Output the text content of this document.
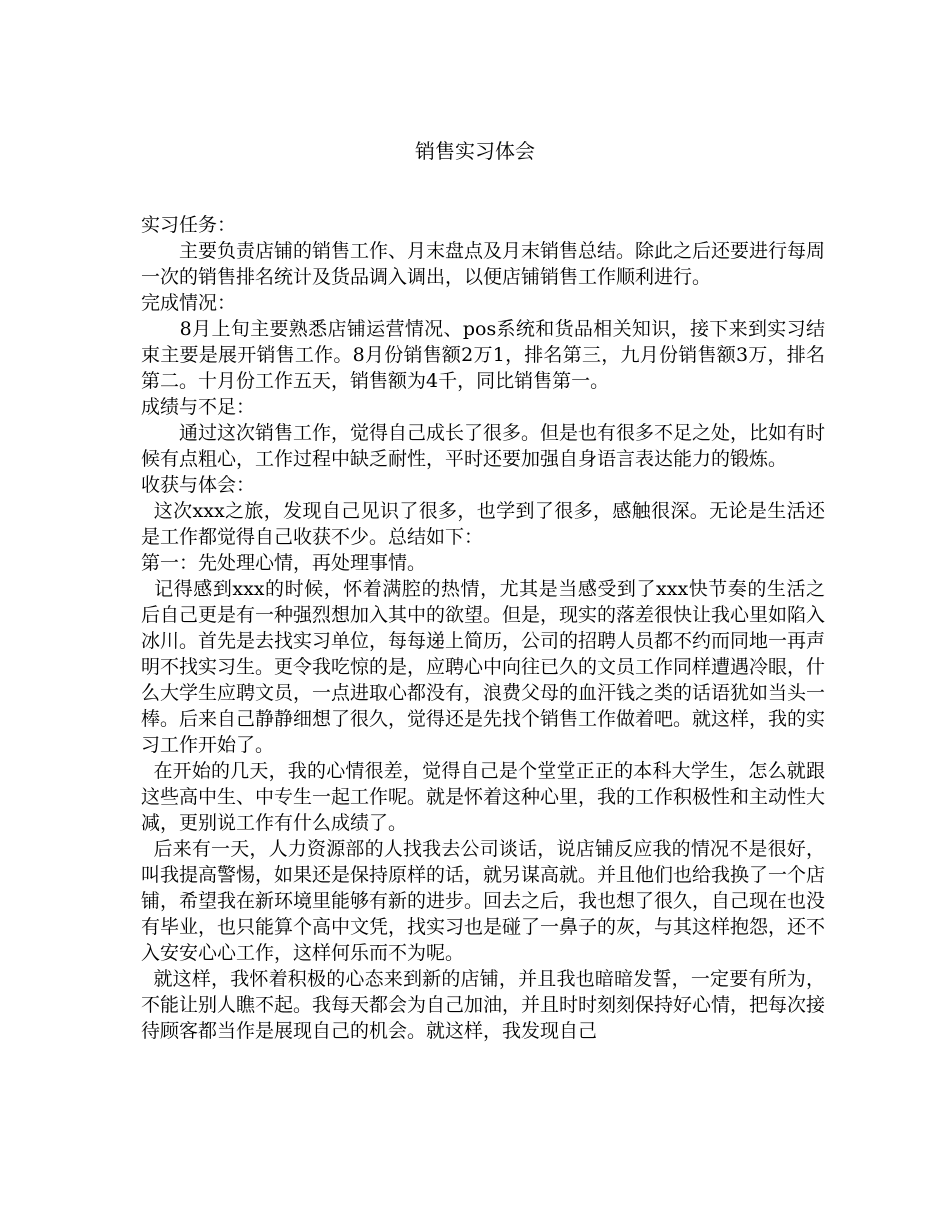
销售实习体会

实习任务：

　　主要负责店铺的销售工作、月末盘点及月末销售总结。除此之后还要进行每周一次的销售排名统计及货品调入调出，以便店铺销售工作顺利进行。

完成情况：

　　8月上旬主要熟悉店铺运营情况、pos系统和货品相关知识，接下来到实习结束主要是展开销售工作。8月份销售额2万1，排名第三，九月份销售额3万，排名第二。十月份工作五天，销售额为4千，同比销售第一。

成绩与不足：

　　通过这次销售工作，觉得自己成长了很多。但是也有很多不足之处，比如有时候有点粗心，工作过程中缺乏耐性，平时还要加强自身语言表达能力的锻炼。

收获与体会：

这次xxx之旅，发现自己见识了很多，也学到了很多，感触很深。无论是生活还是工作都觉得自己收获不少。总结如下：

第一：先处理心情，再处理事情。

记得感到xxx的时候，怀着满腔的热情，尤其是当感受到了xxx快节奏的生活之后自己更是有一种强烈想加入其中的欲望。但是，现实的落差很快让我心里如陷入冰川。首先是去找实习单位，每每递上简历，公司的招聘人员都不约而同地一再声明不找实习生。更令我吃惊的是，应聘心中向往已久的文员工作同样遭遇冷眼，什么大学生应聘文员，一点进取心都没有，浪费父母的血汗钱之类的话语犹如当头一棒。后来自己静静细想了很久，觉得还是先找个销售工作做着吧。就这样，我的实习工作开始了。

在开始的几天，我的心情很差，觉得自己是个堂堂正正的本科大学生，怎么就跟这些高中生、中专生一起工作呢。就是怀着这种心里，我的工作积极性和主动性大减，更别说工作有什么成绩了。

后来有一天，人力资源部的人找我去公司谈话，说店铺反应我的情况不是很好，叫我提高警惕，如果还是保持原样的话，就另谋高就。并且他们也给我换了一个店铺，希望我在新环境里能够有新的进步。回去之后，我也想了很久，自己现在也没有毕业，也只能算个高中文凭，找实习也是碰了一鼻子的灰，与其这样抱怨，还不入安安心心工作，这样何乐而不为呢。

就这样，我怀着积极的心态来到新的店铺，并且我也暗暗发誓，一定要有所为，不能让别人瞧不起。我每天都会为自己加油，并且时时刻刻保持好心情，把每次接待顾客都当作是展现自己的机会。就这样，我发现自己
